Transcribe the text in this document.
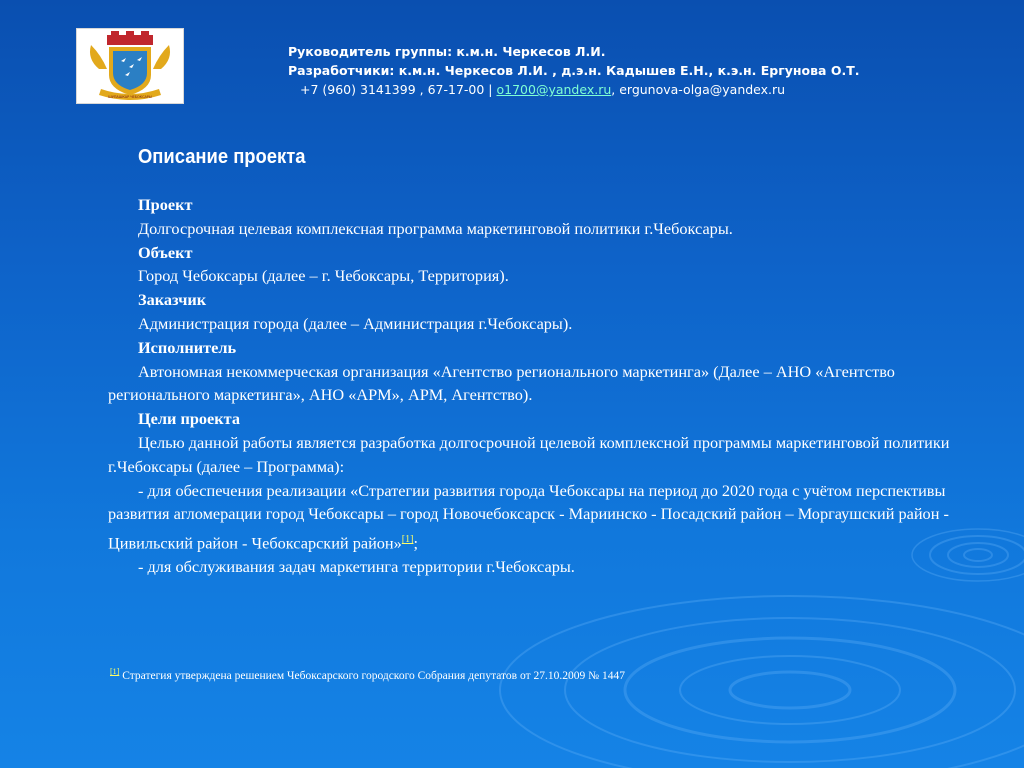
ШУПАШКАР ЧЕБОКСАРЫ
Руководитель группы: к.м.н. Черкесов Л.И.
Разработчики: к.м.н. Черкесов Л.И. , д.э.н. Кадышев Е.Н., к.э.н. Ергунова О.Т.
+7 (960) 3141399 , 67-17-00 | o1700@yandex.ru, ergunova-olga@yandex.ru
Описание проекта

Проект

Долгосрочная целевая комплексная программа маркетинговой политики г.Чебоксары.

Объект

Город Чебоксары (далее – г. Чебоксары, Территория).

Заказчик

Администрация города (далее – Администрация г.Чебоксары).

Исполнитель

Автономная некоммерческая организация «Агентство регионального маркетинга» (Далее – АНО «Агентство регионального маркетинга», АНО «АРМ», АРМ, Агентство).

Цели проекта

Целью данной работы является разработка долгосрочной целевой комплексной программы маркетинговой политики г.Чебоксары (далее – Программа):

- для обеспечения реализации «Стратегии развития города Чебоксары на период до 2020 года с учётом перспективы развития агломерации город Чебоксары – город Новочебоксарск - Мариинско - Посадский район – Моргаушский район - Цивильский район - Чебоксарский район»[1];

- для обслуживания задач маркетинга территории г.Чебоксары.

[1] Стратегия утверждена решением Чебоксарского городского Собрания депутатов от 27.10.2009 № 1447
